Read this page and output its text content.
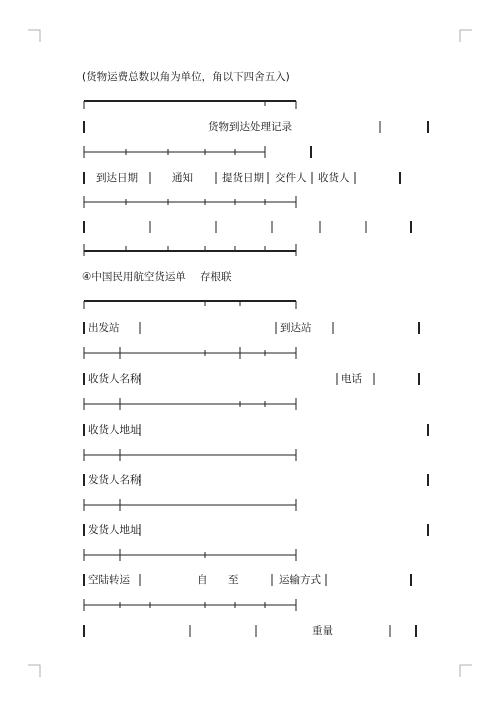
(货物运费总数以角为单位，角以下四舍五入)
货物到达处理记录
到达日期	通知	提货日期 交件人 收货人
④中国民用航空货运单 存根联
出发站	到达站
收货人名称	电话
收货人地址
发货人名称
发货人地址
空陆转运	自 至	运输方式
重量
